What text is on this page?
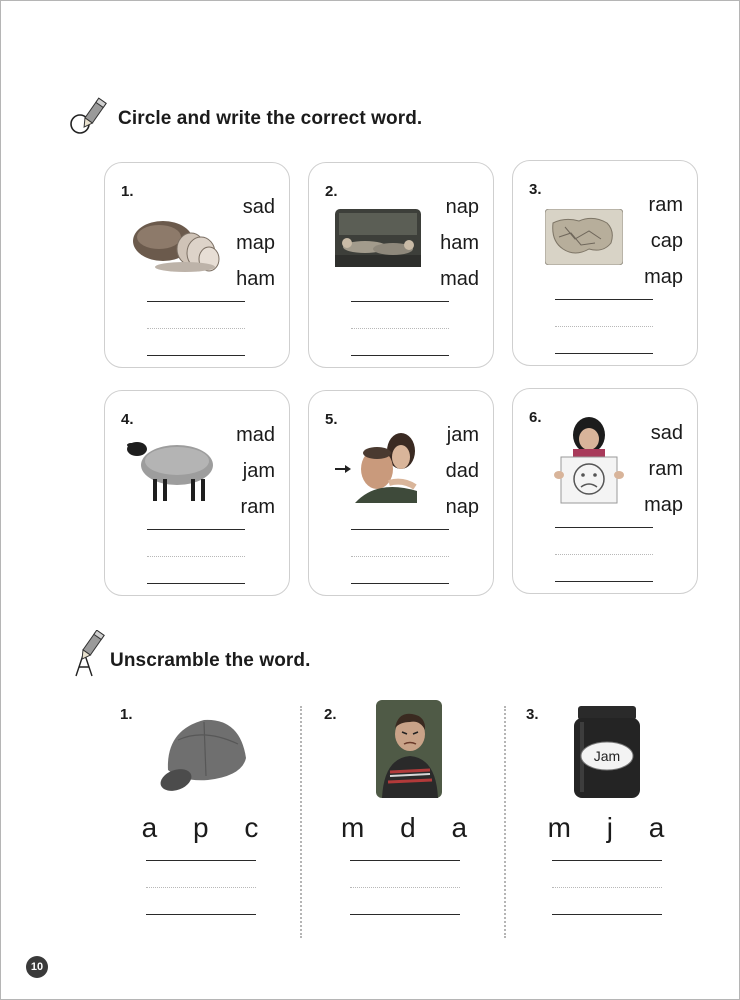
Circle and write the correct word.
1.
sad
map
ham
2.
nap
ham
mad
3.
ram
cap
map
4.
mad
jam
ram
5.
jam
dad
nap
6.
sad
ram
map
Unscramble the word.
1.
a p c
2.
m d a
3.
Jam
m j a
10
